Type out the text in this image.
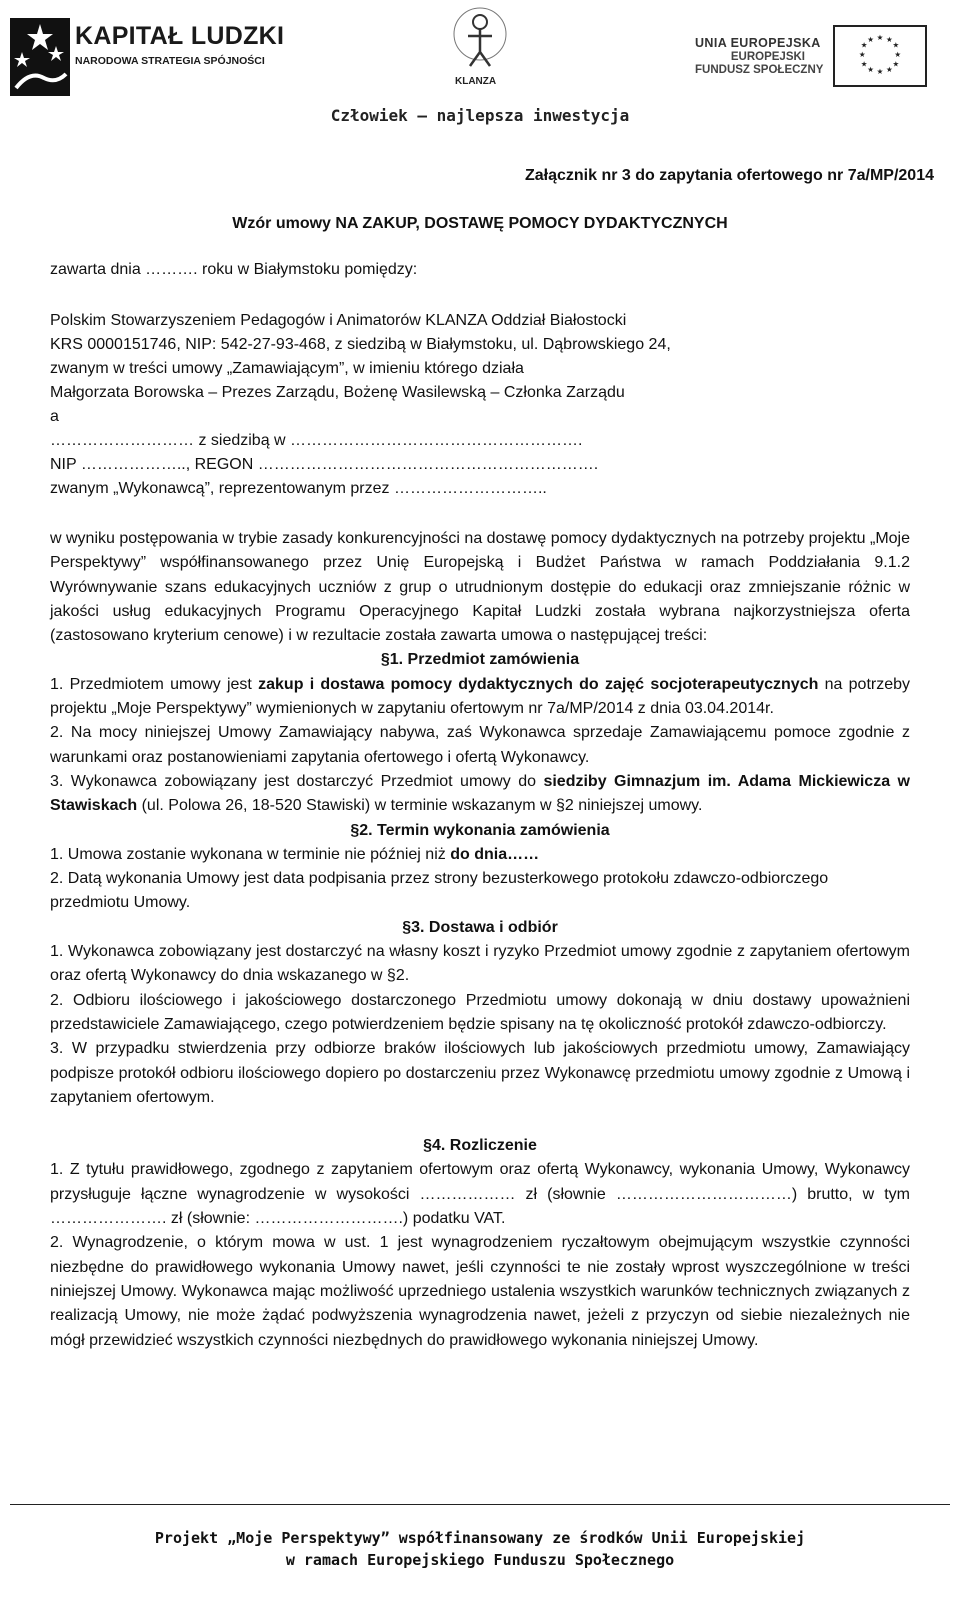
KAPITAŁ LUDZKI
NARODOWA STRATEGIA SPÓJNOŚCI
KLANZA
UNIA EUROPEJSKA
EUROPEJSKI
FUNDUSZ SPOŁECZNY
★ ★
★
★
★
★
★
★
★
★
★
★
Człowiek – najlepsza inwestycja
Załącznik nr 3 do zapytania ofertowego nr 7a/MP/2014
Wzór umowy NA ZAKUP, DOSTAWĘ POMOCY DYDAKTYCZNYCH
zawarta dnia ………. roku w Białymstoku pomiędzy:
Polskim Stowarzyszeniem Pedagogów i Animatorów KLANZA Oddział Białostocki
KRS 0000151746, NIP: 542-27-93-468, z siedzibą w Białymstoku, ul. Dąbrowskiego 24,
zwanym w treści umowy „Zamawiającym”, w imieniu którego działa
Małgorzata Borowska – Prezes Zarządu, Bożenę Wasilewską – Członka Zarządu
a
……………………… z siedzibą w ……………………………………………….
NIP ……………….., REGON ……………………………………………………….
zwanym „Wykonawcą”, reprezentowanym przez ………………………..

w wyniku postępowania w trybie zasady konkurencyjności na dostawę pomocy dydaktycznych na potrzeby projektu „Moje Perspektywy” współfinansowanego przez Unię Europejską i Budżet Państwa w ramach Poddziałania 9.1.2 Wyrównywanie szans edukacyjnych uczniów z grup o utrudnionym dostępie do edukacji oraz zmniejszanie różnic w jakości usług edukacyjnych Programu Operacyjnego Kapitał Ludzki została wybrana najkorzystniejsza oferta (zastosowano kryterium cenowe) i w rezultacie została zawarta umowa o następującej treści:

§1. Przedmiot zamówienia

1. Przedmiotem umowy jest zakup i dostawa pomocy dydaktycznych do zajęć socjoterapeutycznych na potrzeby projektu „Moje Perspektywy” wymienionych w zapytaniu ofertowym nr 7a/MP/2014 z dnia 03.04.2014r.

2. Na mocy niniejszej Umowy Zamawiający nabywa, zaś Wykonawca sprzedaje Zamawiającemu pomoce zgodnie z warunkami oraz postanowieniami zapytania ofertowego i ofertą Wykonawcy.

3. Wykonawca zobowiązany jest dostarczyć Przedmiot umowy do siedziby Gimnazjum im. Adama Mickiewicza w Stawiskach (ul. Polowa 26, 18-520 Stawiski) w terminie wskazanym w §2 niniejszej umowy.

§2. Termin wykonania zamówienia

1. Umowa zostanie wykonana w terminie nie później niż do dnia……

2. Datą wykonania Umowy jest data podpisania przez strony bezusterkowego protokołu zdawczo-odbiorczego przedmiotu Umowy.

§3. Dostawa i odbiór

1. Wykonawca zobowiązany jest dostarczyć na własny koszt i ryzyko Przedmiot umowy zgodnie z zapytaniem ofertowym oraz ofertą Wykonawcy do dnia wskazanego w §2.

2. Odbioru ilościowego i jakościowego dostarczonego Przedmiotu umowy dokonają w dniu dostawy upoważnieni przedstawiciele Zamawiającego, czego potwierdzeniem będzie spisany na tę okoliczność protokół zdawczo-odbiorczy.

3. W przypadku stwierdzenia przy odbiorze braków ilościowych lub jakościowych przedmiotu umowy, Zamawiający podpisze protokół odbioru ilościowego dopiero po dostarczeniu przez Wykonawcę przedmiotu umowy zgodnie z Umową i zapytaniem ofertowym.

§4. Rozliczenie

1. Z tytułu prawidłowego, zgodnego z zapytaniem ofertowym oraz ofertą Wykonawcy, wykonania Umowy, Wykonawcy przysługuje łączne wynagrodzenie w wysokości ……………… zł (słownie ……………………………) brutto, w tym …………………. zł (słownie: ……………………….) podatku VAT.

2. Wynagrodzenie, o którym mowa w ust. 1 jest wynagrodzeniem ryczałtowym obejmującym wszystkie czynności niezbędne do prawidłowego wykonania Umowy nawet, jeśli czynności te nie zostały wprost wyszczególnione w treści niniejszej Umowy. Wykonawca mając możliwość uprzedniego ustalenia wszystkich warunków technicznych związanych z realizacją Umowy, nie może żądać podwyższenia wynagrodzenia nawet, jeżeli z przyczyn od siebie niezależnych nie mógł przewidzieć wszystkich czynności niezbędnych do prawidłowego wykonania niniejszej Umowy.

Projekt „Moje Perspektywy” współfinansowany ze środków Unii Europejskiej
w ramach Europejskiego Funduszu Społecznego
